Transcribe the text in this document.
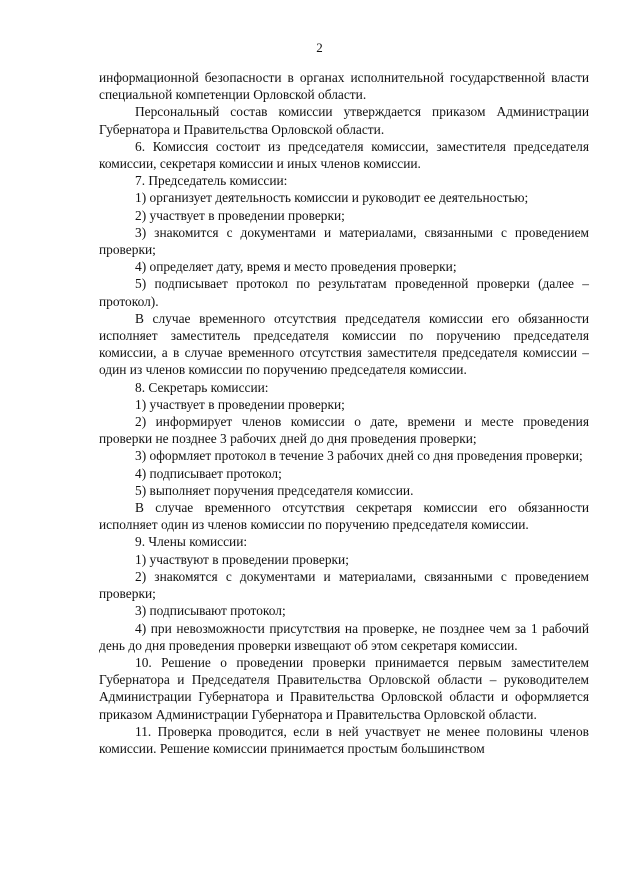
2

информационной безопасности в органах исполнительной государственной власти специальной компетенции Орловской области.

Персональный состав комиссии утверждается приказом Администрации Губернатора и Правительства Орловской области.

6. Комиссия состоит из председателя комиссии, заместителя председателя комиссии, секретаря комиссии и иных членов комиссии.

7. Председатель комиссии:

1) организует деятельность комиссии и руководит ее деятельностью;

2) участвует в проведении проверки;

3) знакомится с документами и материалами, связанными с проведением проверки;

4) определяет дату, время и место проведения проверки;

5) подписывает протокол по результатам проведенной проверки (далее – протокол).

В случае временного отсутствия председателя комиссии его обязанности исполняет заместитель председателя комиссии по поручению председателя комиссии, а в случае временного отсутствия заместителя председателя комиссии – один из членов комиссии по поручению председателя комиссии.

8. Секретарь комиссии:

1) участвует в проведении проверки;

2) информирует членов комиссии о дате, времени и месте проведения проверки не позднее 3 рабочих дней до дня проведения проверки;

3) оформляет протокол в течение 3 рабочих дней со дня проведения проверки;

4) подписывает протокол;

5) выполняет поручения председателя комиссии.

В случае временного отсутствия секретаря комиссии его обязанности исполняет один из членов комиссии по поручению председателя комиссии.

9. Члены комиссии:

1) участвуют в проведении проверки;

2) знакомятся с документами и материалами, связанными с проведением проверки;

3) подписывают протокол;

4) при невозможности присутствия на проверке, не позднее чем за 1 рабочий день до дня проведения проверки извещают об этом секретаря комиссии.

10. Решение о проведении проверки принимается первым заместителем Губернатора и Председателя Правительства Орловской области – руководителем Администрации Губернатора и Правительства Орловской области и оформляется приказом Администрации Губернатора и Правительства Орловской области.

11. Проверка проводится, если в ней участвует не менее половины членов комиссии. Решение комиссии принимается простым большинством
